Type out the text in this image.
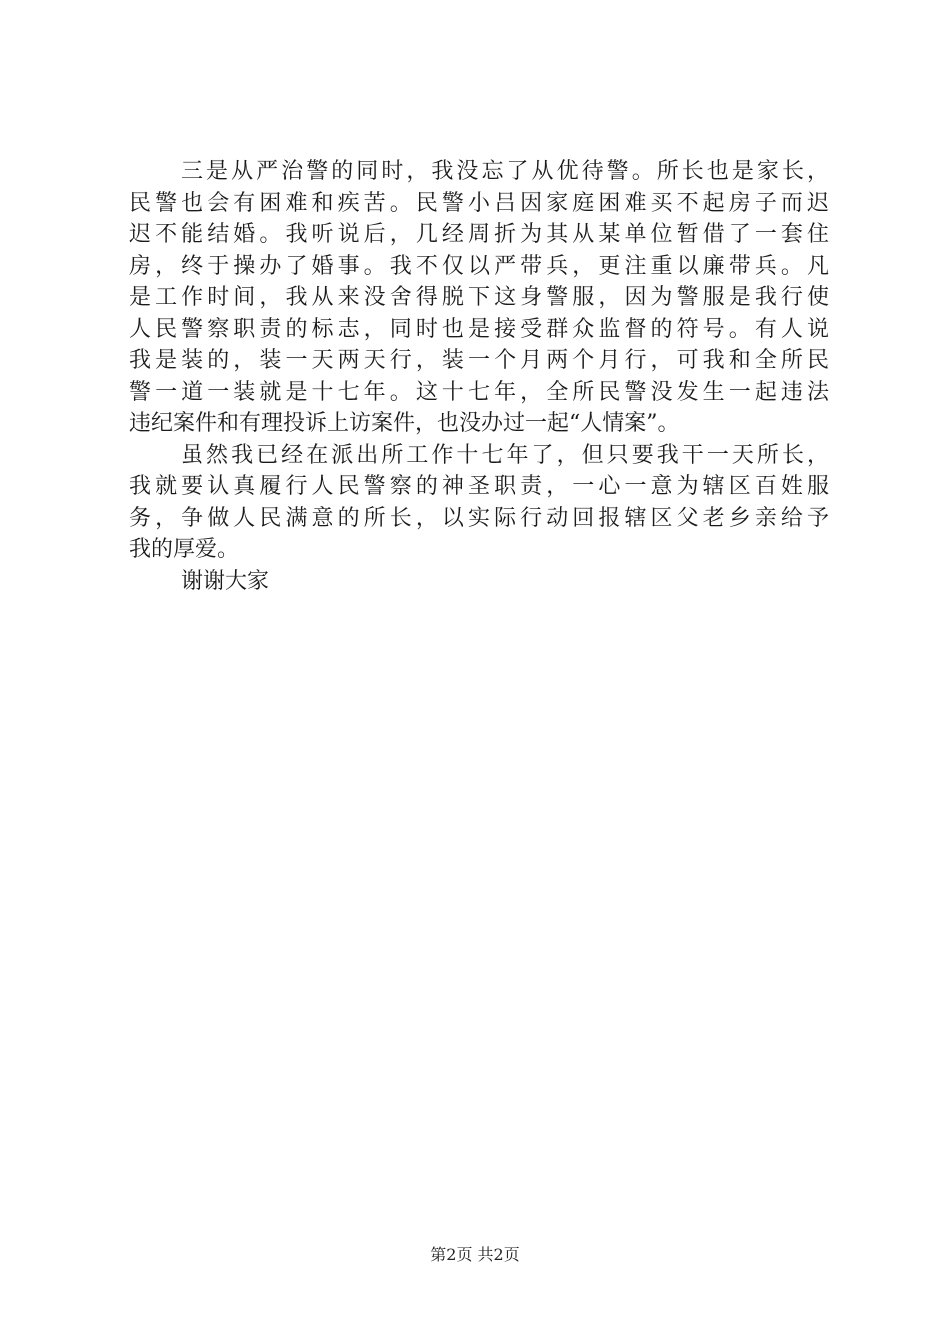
三是从严治警的同时，我没忘了从优待警。所长也是家长，
民警也会有困难和疾苦。民警小吕因家庭困难买不起房子而迟
迟不能结婚。我听说后，几经周折为其从某单位暂借了一套住
房，终于操办了婚事。我不仅以严带兵，更注重以廉带兵。凡
是工作时间，我从来没舍得脱下这身警服，因为警服是我行使
人民警察职责的标志，同时也是接受群众监督的符号。有人说
我是装的，装一天两天行，装一个月两个月行，可我和全所民
警一道一装就是十七年。这十七年，全所民警没发生一起违法
违纪案件和有理投诉上访案件，也没办过一起“人情案”。
虽然我已经在派出所工作十七年了，但只要我干一天所长，
我就要认真履行人民警察的神圣职责，一心一意为辖区百姓服
务，争做人民满意的所长，以实际行动回报辖区父老乡亲给予
我的厚爱。
谢谢大家
第2页 共2页
